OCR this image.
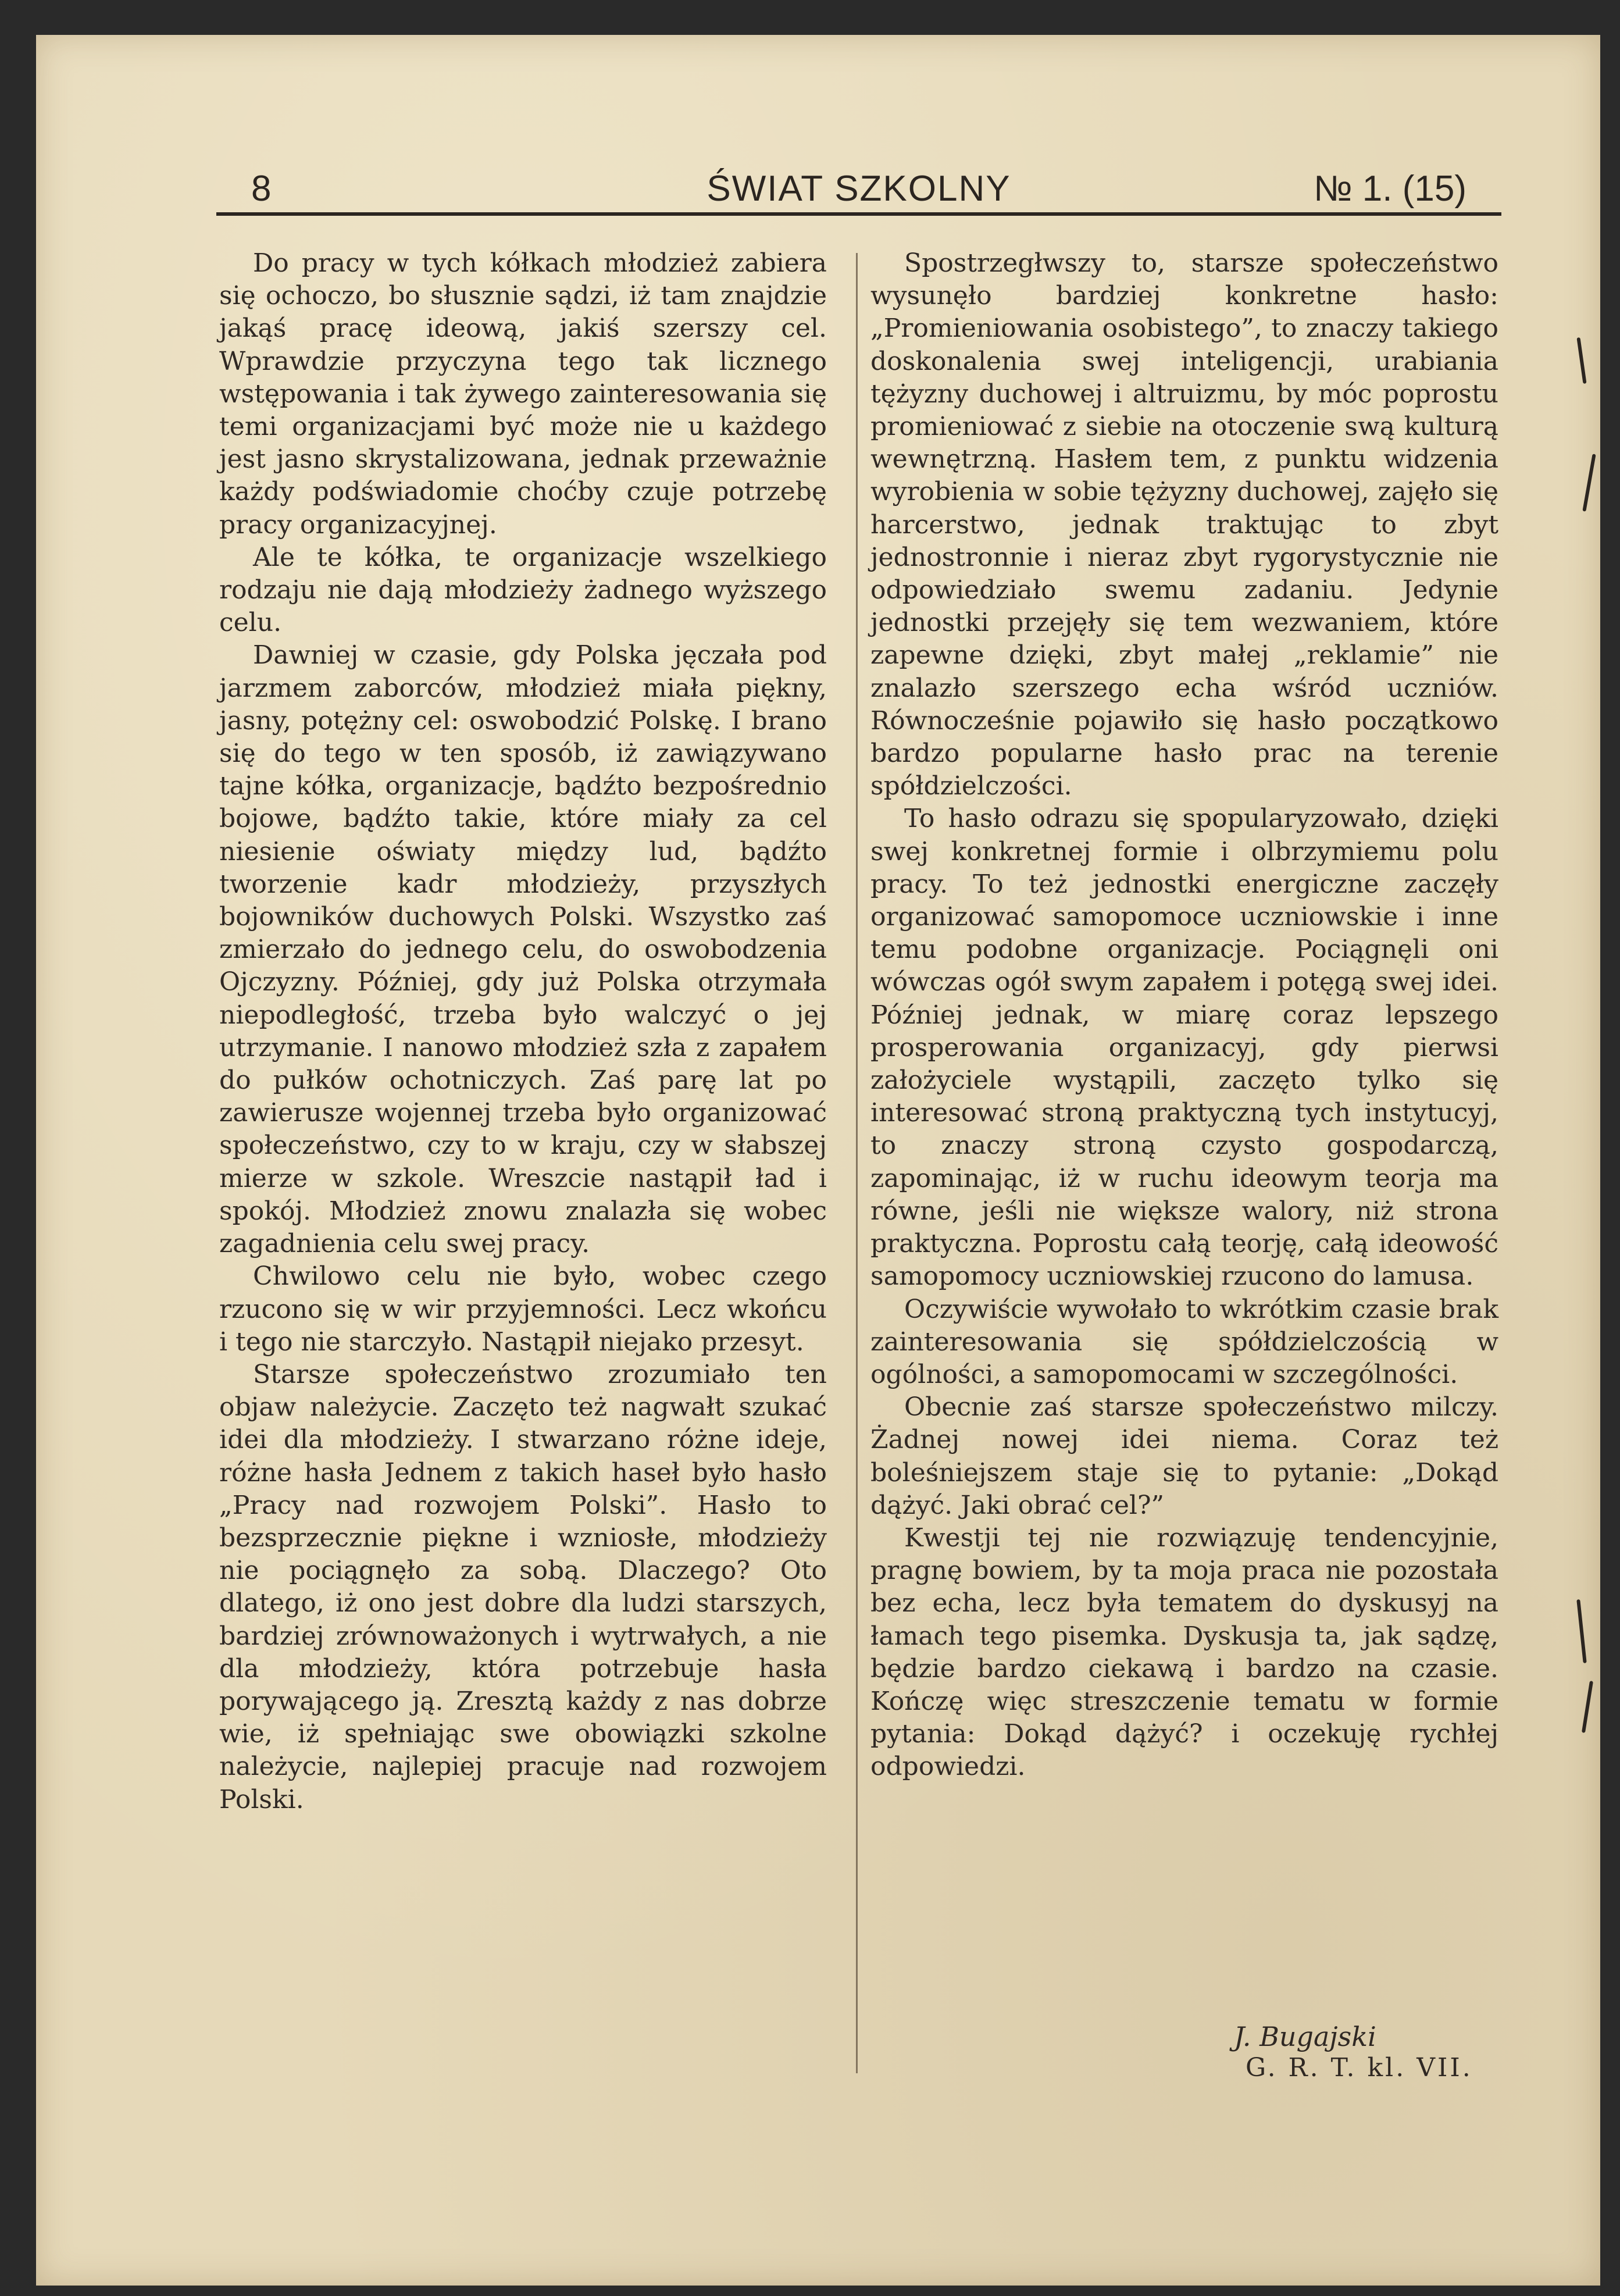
8	ŚWIAT SZKOLNY	№ 1. (15)

Do pracy w tych kółkach młodzież zabiera się ochoczo, bo słusznie sądzi, iż tam znajdzie jakąś pracę ideową, jakiś szerszy cel. Wprawdzie przyczyna tego tak licznego wstępowania i tak żywego zainteresowania się temi organizacjami być może nie u każdego jest jasno skrystalizowana, jednak przeważnie każdy podświadomie choćby czuje potrzebę pracy organizacyjnej.

Ale te kółka, te organizacje wszelkiego rodzaju nie dają młodzieży żadnego wyższego celu.

Dawniej w czasie, gdy Polska jęczała pod jarzmem zaborców, młodzież miała piękny, jasny, potężny cel: oswobodzić Polskę. I brano się do tego w ten sposób, iż zawiązywano tajne kółka, organizacje, bądźto bezpośrednio bojowe, bądźto takie, które miały za cel niesienie oświaty między lud, bądźto tworzenie kadr młodzieży, przyszłych bojowników duchowych Polski. Wszystko zaś zmierzało do jednego celu, do oswobodzenia Ojczyzny. Później, gdy już Polska otrzymała niepodległość, trzeba było walczyć o jej utrzymanie. I nanowo młodzież szła z zapałem do pułków ochotniczych. Zaś parę lat po zawierusze wojennej trzeba było organizować społeczeństwo, czy to w kraju, czy w słabszej mierze w szkole. Wreszcie nastąpił ład i spokój. Młodzież znowu znalazła się wobec zagadnienia celu swej pracy.

Chwilowo celu nie było, wobec czego rzucono się w wir przyjemności. Lecz wkońcu i tego nie starczyło. Nastąpił niejako przesyt.

Starsze społeczeństwo zrozumiało ten objaw należycie. Zaczęto też nagwałt szukać idei dla młodzieży. I stwarzano różne ideje, różne hasła Jednem z takich haseł było hasło „Pracy nad rozwojem Polski”. Hasło to bezsprzecznie piękne i wzniosłe, młodzieży nie pociągnęło za sobą. Dlaczego? Oto dlatego, iż ono jest dobre dla ludzi starszych, bardziej zrównoważonych i wytrwałych, a nie dla młodzieży, która potrzebuje hasła porywającego ją. Zresztą każdy z nas dobrze wie, iż spełniając swe obowiązki szkolne należycie, najlepiej pracuje nad rozwojem Polski.

Spostrzegłwszy to, starsze społeczeństwo wysunęło bardziej konkretne hasło: „Promieniowania osobistego”, to znaczy takiego doskonalenia swej inteligencji, urabiania tężyzny duchowej i altruizmu, by móc poprostu promieniować z siebie na otoczenie swą kulturą wewnętrzną. Hasłem tem, z punktu widzenia wyrobienia w sobie tężyzny duchowej, zajęło się harcerstwo, jednak traktując to zbyt jednostronnie i nieraz zbyt rygorystycznie nie odpowiedziało swemu zadaniu. Jedynie jednostki przejęły się tem wezwaniem, które zapewne dzięki, zbyt małej „reklamie” nie znalazło szerszego echa wśród uczniów. Równocześnie pojawiło się hasło początkowo bardzo popularne hasło prac na terenie spółdzielczości.

To hasło odrazu się spopularyzowało, dzięki swej konkretnej formie i olbrzymiemu polu pracy. To też jednostki energiczne zaczęły organizować samopomoce uczniowskie i inne temu podobne organizacje. Pociągnęli oni wówczas ogół swym zapałem i potęgą swej idei. Później jednak, w miarę coraz lepszego prosperowania organizacyj, gdy pierwsi założyciele wystąpili, zaczęto tylko się interesować stroną praktyczną tych instytucyj, to znaczy stroną czysto gospodarczą, zapominając, iż w ruchu ideowym teorja ma równe, jeśli nie większe walory, niż strona praktyczna. Poprostu całą teorję, całą ideowość samopomocy uczniowskiej rzucono do lamusa.

Oczywiście wywołało to wkrótkim czasie brak zainteresowania się spółdzielczością w ogólności, a samopomocami w szczególności.

Obecnie zaś starsze społeczeństwo milczy. Żadnej nowej idei niema. Coraz też boleśniejszem staje się to pytanie: „Dokąd dążyć. Jaki obrać cel?”

Kwestji tej nie rozwiązuję tendencyjnie, pragnę bowiem, by ta moja praca nie pozostała bez echa, lecz była tematem do dyskusyj na łamach tego pisemka. Dyskusja ta, jak sądzę, będzie bardzo ciekawą i bardzo na czasie. Kończę więc streszczenie tematu w formie pytania: Dokąd dążyć? i oczekuję rychłej odpowiedzi.

J. Bugajski
G. R. T. kl. VII.
